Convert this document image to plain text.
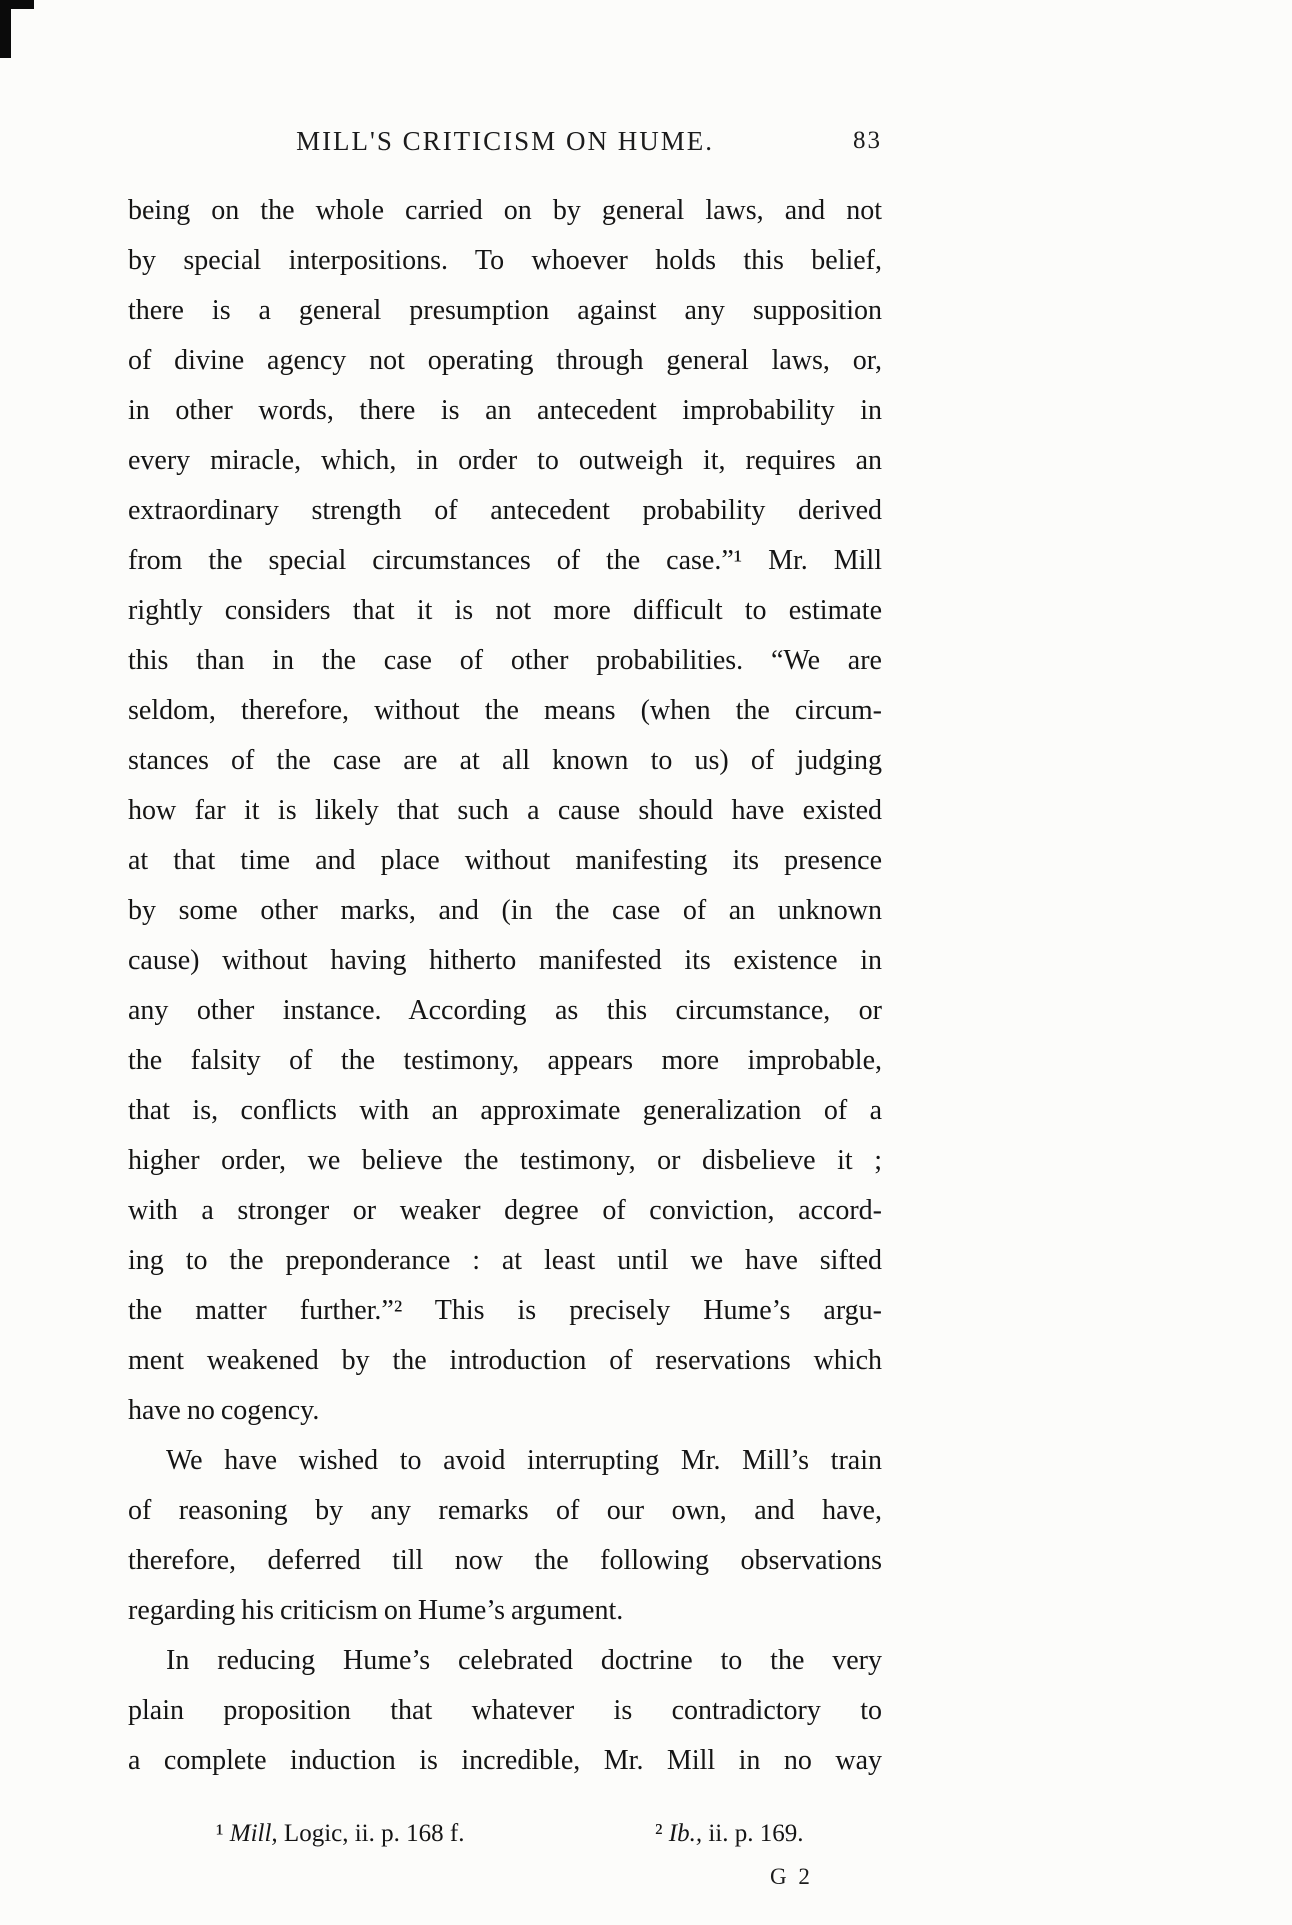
MILL'S CRITICISM ON HUME.	83
being on the whole carried on by general laws, and not
by special interpositions. To whoever holds this belief,
there is a general presumption against any supposition
of divine agency not operating through general laws, or,
in other words, there is an antecedent improbability in
every miracle, which, in order to outweigh it, requires an
extraordinary strength of antecedent probability derived
from the special circumstances of the case.”¹ Mr. Mill
rightly considers that it is not more difficult to estimate
this than in the case of other probabilities. “We are
seldom, therefore, without the means (when the circum-
stances of the case are at all known to us) of judging
how far it is likely that such a cause should have existed
at that time and place without manifesting its presence
by some other marks, and (in the case of an unknown
cause) without having hitherto manifested its existence in
any other instance. According as this circumstance, or
the falsity of the testimony, appears more improbable,
that is, conflicts with an approximate generalization of a
higher order, we believe the testimony, or disbelieve it ;
with a stronger or weaker degree of conviction, accord-
ing to the preponderance : at least until we have sifted
the matter further.”² This is precisely Hume’s argu-
ment weakened by the introduction of reservations which
have no cogency.
We have wished to avoid interrupting Mr. Mill’s train
of reasoning by any remarks of our own, and have,
therefore, deferred till now the following observations
regarding his criticism on Hume’s argument.
In reducing Hume’s celebrated doctrine to the very
plain proposition that whatever is contradictory to
a complete induction is incredible, Mr. Mill in no way
¹ Mill, Logic, ii. p. 168 f.	² Ib., ii. p. 169.
G 2
